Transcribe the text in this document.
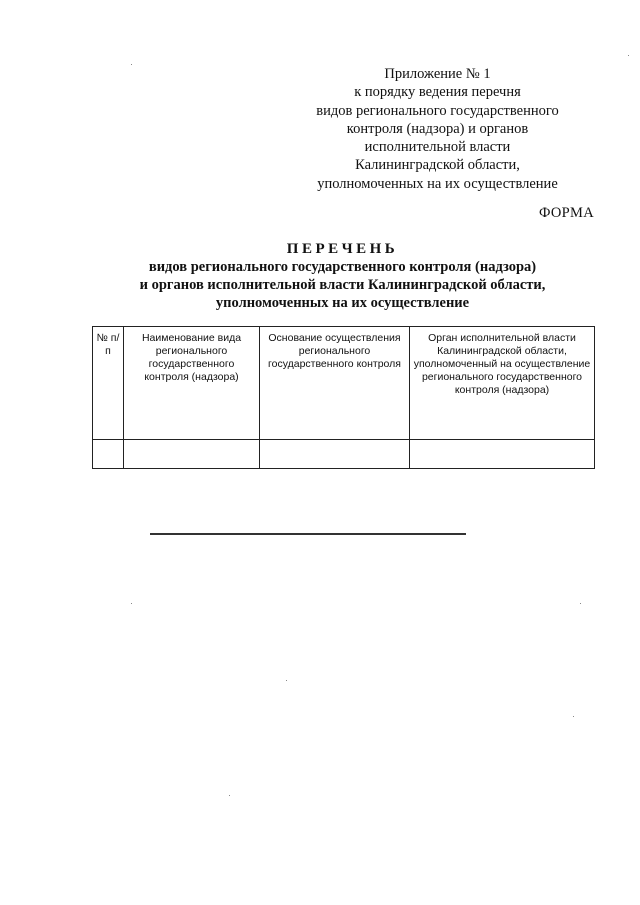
Приложение № 1
к порядку ведения перечня
видов регионального государственного
контроля (надзора) и органов
исполнительной власти
Калининградской области,
уполномоченных на их осуществление
ФОРМА
ПЕРЕЧЕНЬ
видов регионального государственного контроля (надзора)
и органов исполнительной власти Калининградской области,
уполномоченных на их осуществление
№ п/п	Наименование вида регионального государственного контроля (надзора)	Основание осуществления регионального государственного контроля	Орган исполнительной власти Калининградской области, уполномоченный на осуществление регионального государственного контроля (надзора)
